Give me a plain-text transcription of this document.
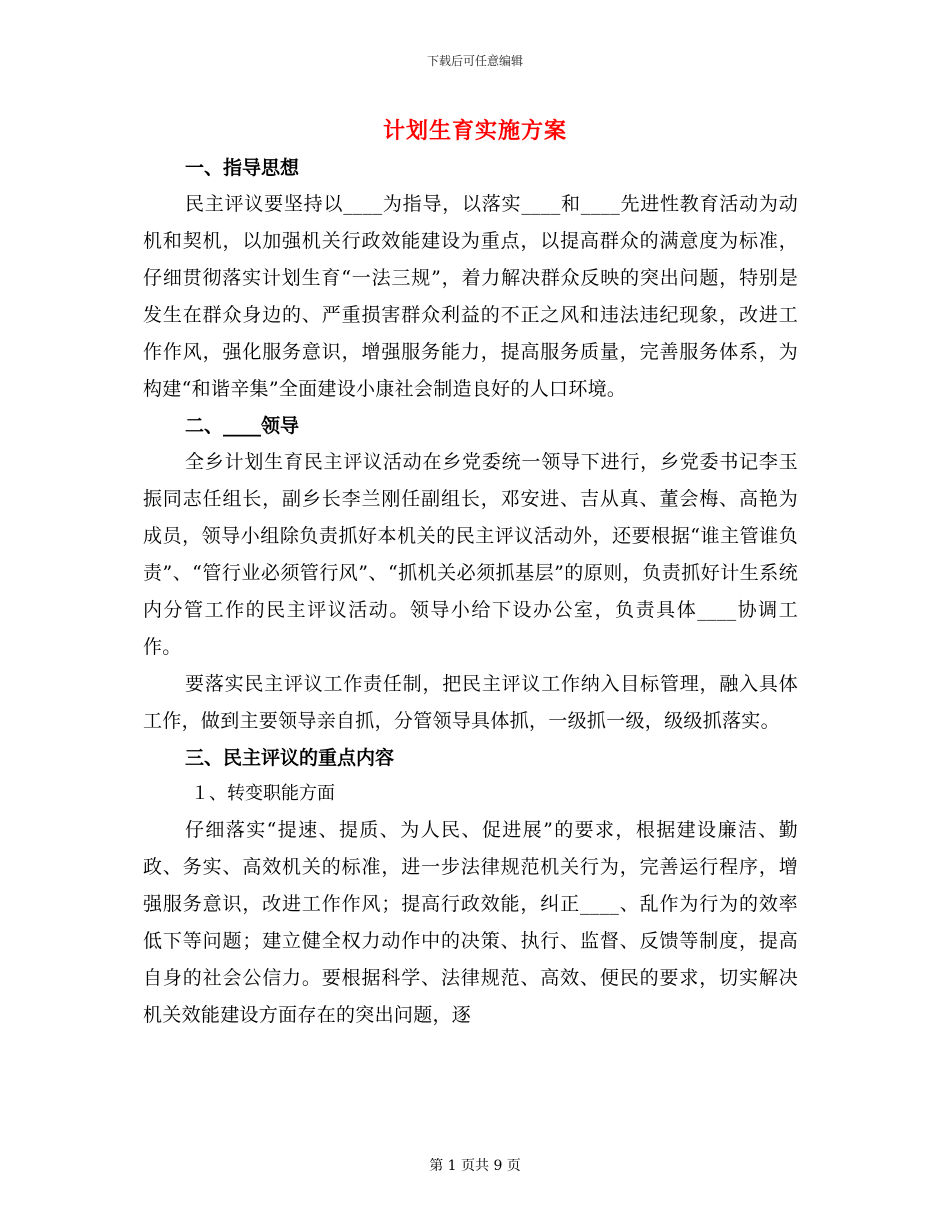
下载后可任意编辑
计划生育实施方案
一、指导思想

民主评议要坚持以____为指导，以落实____和____先进性教育活动为动机和契机，以加强机关行政效能建设为重点，以提高群众的满意度为标准，仔细贯彻落实计划生育“一法三规”，着力解决群众反映的突出问题，特别是发生在群众身边的、严重损害群众利益的不正之风和违法违纪现象，改进工作作风，强化服务意识，增强服务能力，提高服务质量，完善服务体系，为构建“和谐辛集”全面建设小康社会制造良好的人口环境。

二、____领导

全乡计划生育民主评议活动在乡党委统一领导下进行，乡党委书记李玉振同志任组长，副乡长李兰刚任副组长，邓安进、吉从真、董会梅、高艳为成员，领导小组除负责抓好本机关的民主评议活动外，还要根据“谁主管谁负责”、“管行业必须管行风”、“抓机关必须抓基层”的原则，负责抓好计生系统内分管工作的民主评议活动。领导小给下设办公室，负责具体____协调工作。

要落实民主评议工作责任制，把民主评议工作纳入目标管理，融入具体工作，做到主要领导亲自抓，分管领导具体抓，一级抓一级，级级抓落实。

三、民主评议的重点内容
１、转变职能方面

仔细落实“提速、提质、为人民、促进展”的要求，根据建设廉洁、勤政、务实、高效机关的标准，进一步法律规范机关行为，完善运行程序，增强服务意识，改进工作作风；提高行政效能，纠正____、乱作为行为的效率低下等问题；建立健全权力动作中的决策、执行、监督、反馈等制度，提高自身的社会公信力。要根据科学、法律规范、高效、便民的要求，切实解决机关效能建设方面存在的突出问题，逐

第 1 页共 9 页
